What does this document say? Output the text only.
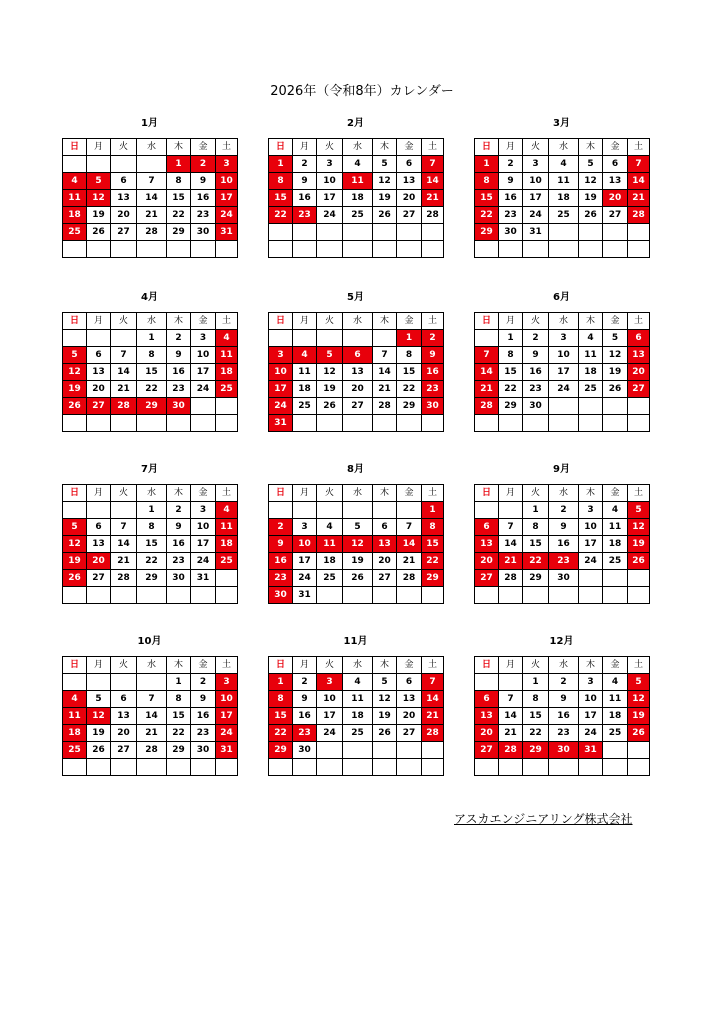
2026年（令和8年）カレンダー
1月
日	月	火	水	木	金	土
				1	2	3
4	5	6	7	8	9	10
11	12	13	14	15	16	17
18	19	20	21	22	23	24
25	26	27	28	29	30	31

2月
日	月	火	水	木	金	土
1	2	3	4	5	6	7
8	9	10	11	12	13	14
15	16	17	18	19	20	21
22	23	24	25	26	27	28

3月
日	月	火	水	木	金	土
1	2	3	4	5	6	7
8	9	10	11	12	13	14
15	16	17	18	19	20	21
22	23	24	25	26	27	28
29	30	31				

4月
日	月	火	水	木	金	土
			1	2	3	4
5	6	7	8	9	10	11
12	13	14	15	16	17	18
19	20	21	22	23	24	25
26	27	28	29	30		

5月
日	月	火	水	木	金	土
					1	2
3	4	5	6	7	8	9
10	11	12	13	14	15	16
17	18	19	20	21	22	23
24	25	26	27	28	29	30
31						
6月
日	月	火	水	木	金	土
	1	2	3	4	5	6
7	8	9	10	11	12	13
14	15	16	17	18	19	20
21	22	23	24	25	26	27
28	29	30				

7月
日	月	火	水	木	金	土
			1	2	3	4
5	6	7	8	9	10	11
12	13	14	15	16	17	18
19	20	21	22	23	24	25
26	27	28	29	30	31	

8月
日	月	火	水	木	金	土
						1
2	3	4	5	6	7	8
9	10	11	12	13	14	15
16	17	18	19	20	21	22
23	24	25	26	27	28	29
30	31					
9月
日	月	火	水	木	金	土
		1	2	3	4	5
6	7	8	9	10	11	12
13	14	15	16	17	18	19
20	21	22	23	24	25	26
27	28	29	30			

10月
日	月	火	水	木	金	土
				1	2	3
4	5	6	7	8	9	10
11	12	13	14	15	16	17
18	19	20	21	22	23	24
25	26	27	28	29	30	31

11月
日	月	火	水	木	金	土
1	2	3	4	5	6	7
8	9	10	11	12	13	14
15	16	17	18	19	20	21
22	23	24	25	26	27	28
29	30					

12月
日	月	火	水	木	金	土
		1	2	3	4	5
6	7	8	9	10	11	12
13	14	15	16	17	18	19
20	21	22	23	24	25	26
27	28	29	30	31		

アスカエンジニアリング株式会社
